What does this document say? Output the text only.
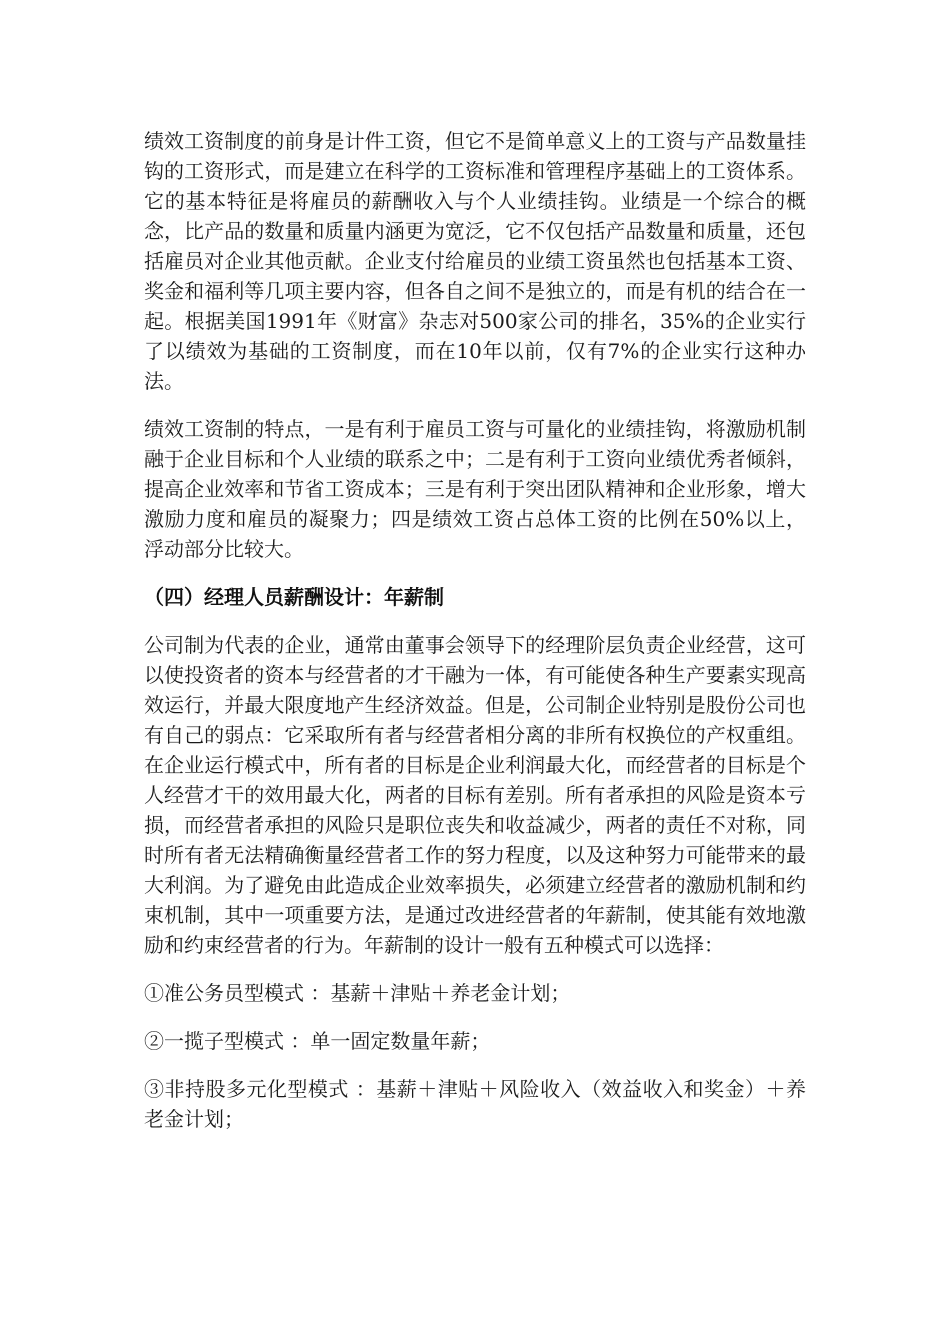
绩效工资制度的前身是计件工资，但它不是简单意义上的工资与产品数量挂钩的工资形式，而是建立在科学的工资标准和管理程序基础上的工资体系。它的基本特征是将雇员的薪酬收入与个人业绩挂钩。业绩是一个综合的概念，比产品的数量和质量内涵更为宽泛，它不仅包括产品数量和质量，还包括雇员对企业其他贡献。企业支付给雇员的业绩工资虽然也包括基本工资、奖金和福利等几项主要内容，但各自之间不是独立的，而是有机的结合在一起。根据美国1991年《财富》杂志对500家公司的排名，35%的企业实行了以绩效为基础的工资制度，而在10年以前，仅有7%的企业实行这种办法。

绩效工资制的特点，一是有利于雇员工资与可量化的业绩挂钩，将激励机制融于企业目标和个人业绩的联系之中；二是有利于工资向业绩优秀者倾斜，提高企业效率和节省工资成本；三是有利于突出团队精神和企业形象，增大激励力度和雇员的凝聚力；四是绩效工资占总体工资的比例在50%以上，浮动部分比较大。

（四）经理人员薪酬设计：年薪制

公司制为代表的企业，通常由董事会领导下的经理阶层负责企业经营，这可以使投资者的资本与经营者的才干融为一体，有可能使各种生产要素实现高效运行，并最大限度地产生经济效益。但是，公司制企业特别是股份公司也有自己的弱点：它采取所有者与经营者相分离的非所有权换位的产权重组。在企业运行模式中，所有者的目标是企业利润最大化，而经营者的目标是个人经营才干的效用最大化，两者的目标有差别。所有者承担的风险是资本亏损，而经营者承担的风险只是职位丧失和收益减少，两者的责任不对称，同时所有者无法精确衡量经营者工作的努力程度，以及这种努力可能带来的最大利润。为了避免由此造成企业效率损失，必须建立经营者的激励机制和约束机制，其中一项重要方法，是通过改进经营者的年薪制，使其能有效地激励和约束经营者的行为。年薪制的设计一般有五种模式可以选择：

①准公务员型模式 ：基薪＋津贴＋养老金计划；

②一揽子型模式 ：单一固定数量年薪；

③非持股多元化型模式 ：基薪＋津贴＋风险收入（效益收入和奖金）＋养老金计划；
